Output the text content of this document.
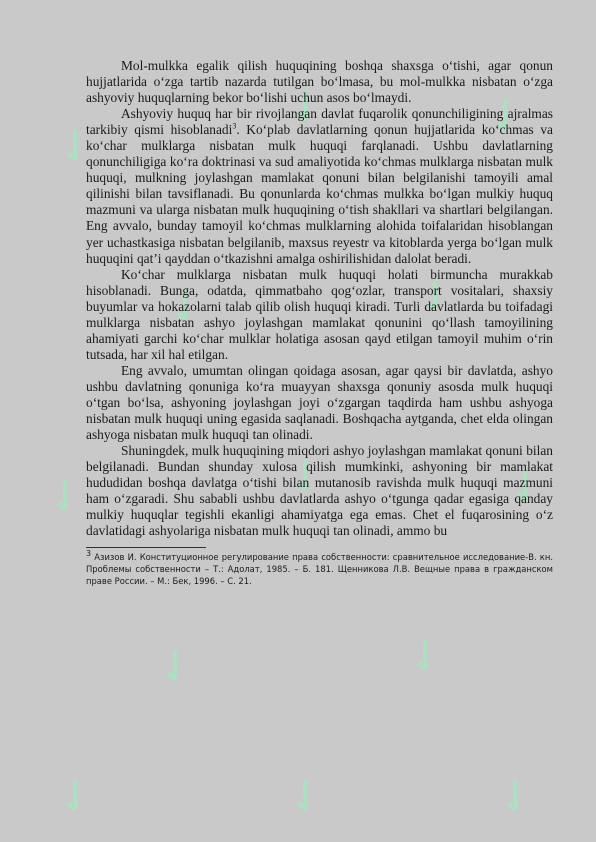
✓
✓	✓
✓	✓
✓	✓	✓
✓	✓
✓	✓	✓

Mol-mulkka egalik qilish huquqining boshqa shaxsga oʻtishi, agar qonun hujjatlarida oʻzga tartib nazarda tutilgan boʻlmasa, bu mol-mulkka nisbatan oʻzga ashyoviy huquqlarning bekor boʻlishi uchun asos boʻlmaydi.

Ashyoviy huquq har bir rivojlangan davlat fuqarolik qonunchiligining ajralmas tarkibiy qismi hisoblanadi$^3$. Koʻplab davlatlarning qonun hujjatlarida koʻchmas va koʻchar mulklarga nisbatan mulk huquqi farqlanadi. Ushbu davlatlarning qonunchiligiga koʻra doktrinasi va sud amaliyotida koʻchmas mulklarga nisbatan mulk huquqi, mulkning joylashgan mamlakat qonuni bilan belgilanishi tamoyili amal qilinishi bilan tavsiflanadi. Bu qonunlarda koʻchmas mulkka boʻlgan mulkiy huquq mazmuni va ularga nisbatan mulk huquqining oʻtish shakllari va shartlari belgilangan. Eng avvalo, bunday tamoyil koʻchmas mulklarning alohida toifalaridan hisoblangan yer uchastkasiga nisbatan belgilanib, maxsus reyestr va kitoblarda yerga boʻlgan mulk huquqini qat’i qayddan oʻtkazishni amalga oshirilishidan dalolat beradi.

Koʻchar mulklarga nisbatan mulk huquqi holati birmuncha murakkab hisoblanadi. Bunga, odatda, qimmatbaho qogʻozlar, transport vositalari, shaxsiy buyumlar va hokazolarni talab qilib olish huquqi kiradi. Turli davlatlarda bu toifadagi mulklarga nisbatan ashyo joylashgan mamlakat qonunini qoʻllash tamoyilining ahamiyati garchi koʻchar mulklar holatiga asosan qayd etilgan tamoyil muhim oʻrin tutsada, har xil hal etilgan.

Eng avvalo, umumtan olingan qoidaga asosan, agar qaysi bir davlatda, ashyo ushbu davlatning qonuniga koʻra muayyan shaxsga qonuniy asosda mulk huquqi oʻtgan boʻlsa, ashyoning joylashgan joyi oʻzgargan taqdirda ham ushbu ashyoga nisbatan mulk huquqi uning egasida saqlanadi. Boshqacha aytganda, chet elda olingan ashyoga nisbatan mulk huquqi tan olinadi.

Shuningdek, mulk huquqining miqdori ashyo joylashgan mamlakat qonuni bilan belgilanadi. Bundan shunday xulosa qilish mumkinki, ashyoning bir mamlakat hududidan boshqa davlatga oʻtishi bilan mutanosib ravishda mulk huquqi mazmuni ham oʻzgaradi. Shu sababli ushbu davlatlarda ashyo oʻtgunga qadar egasiga qanday mulkiy huquqlar tegishli ekanligi ahamiyatga ega emas. Chet el fuqarosining oʻz davlatidagi ashyolariga nisbatan mulk huquqi tan olinadi, ammo bu

$^3$ Азизов И. Конституционное регулирование права собственности: сравнительное исследование-В. кн. Проблемы собственности – Т.: Адолат, 1985. – Б. 181. Щенникова Л.В. Вещные права в гражданском праве России. – М.: Бек, 1996. – С. 21.
